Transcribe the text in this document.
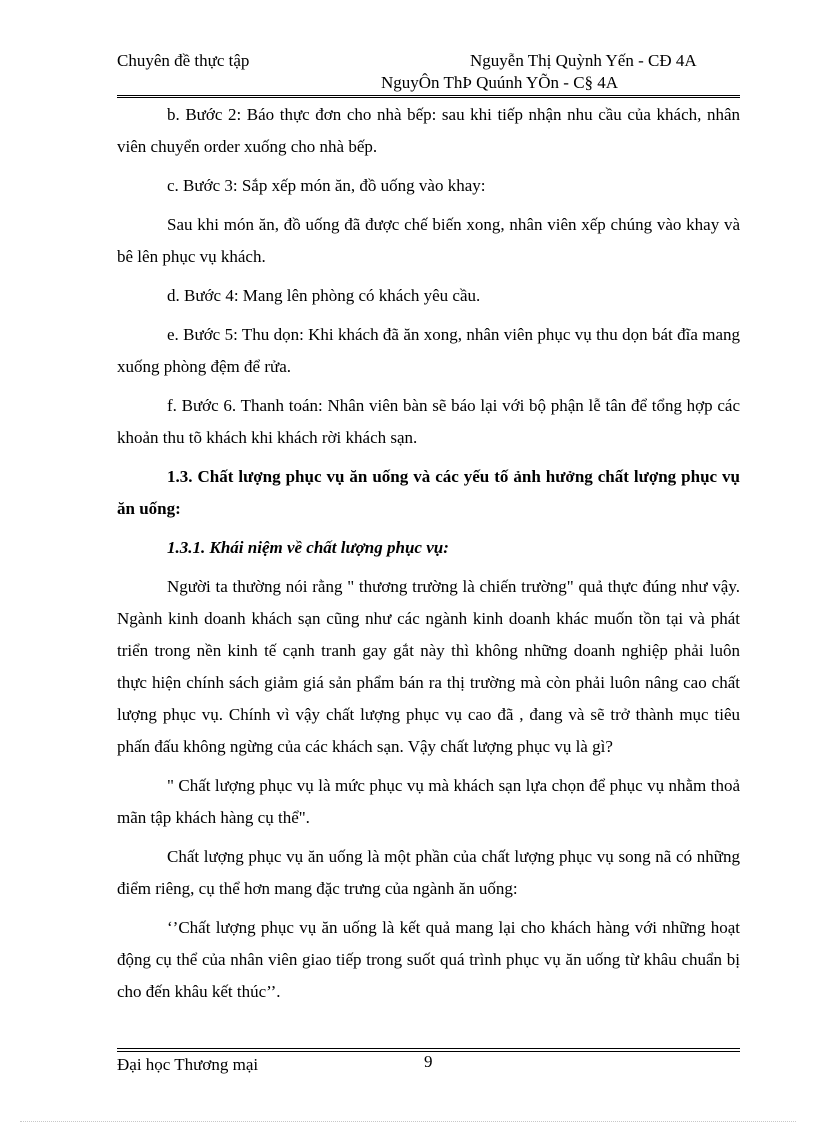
Chuyên đề thực tập	Nguyễn Thị Quỳnh Yến - CĐ 4A
NguyÔn ThÞ Quúnh YÕn - C§ 4A

b. Bước 2: Báo thực đơn cho nhà bếp: sau khi tiếp nhận nhu cầu của khách, nhân viên chuyển order xuống cho nhà bếp.

c. Bước 3: Sắp xếp món ăn, đồ uống vào khay:

Sau khi món ăn, đồ uống đã được chế biến xong, nhân viên xếp chúng vào khay và bê lên phục vụ khách.

d. Bước 4: Mang lên phòng có khách yêu cầu.

e. Bước 5: Thu dọn: Khi khách đã ăn xong, nhân viên phục vụ thu dọn bát đĩa mang xuống phòng đệm để rửa.

f. Bước 6. Thanh toán: Nhân viên bàn sẽ báo lại với bộ phận lễ tân để tổng hợp các khoản thu tõ khách khi khách rời khách sạn.

1.3. Chất lượng phục vụ ăn uống và các yếu tố ảnh hưởng chất lượng phục vụ ăn uống:

1.3.1. Khái niệm về chất lượng phục vụ:

Người ta thường nói rằng " thương trường là chiến trường" quả thực đúng như vậy. Ngành kinh doanh khách sạn cũng như các ngành kinh doanh khác muốn tồn tại và phát triển trong nền kinh tế cạnh tranh gay gắt này thì không những doanh nghiệp phải luôn thực hiện chính sách giảm giá sản phẩm bán ra thị trường mà còn phải luôn nâng cao chất lượng phục vụ. Chính vì vậy chất lượng phục vụ cao đã , đang và sẽ trở thành mục tiêu phấn đấu không ngừng của các khách sạn. Vậy chất lượng phục vụ là gì?

" Chất lượng phục vụ là mức phục vụ mà khách sạn lựa chọn để phục vụ nhằm thoả mãn tập khách hàng cụ thể".

Chất lượng phục vụ ăn uống là một phần của chất lượng phục vụ song nã có những điểm riêng, cụ thể hơn mang đặc trưng của ngành ăn uống:

‘’Chất lượng phục vụ ăn uống là kết quả mang lại cho khách hàng với những hoạt động cụ thể của nhân viên giao tiếp trong suốt quá trình phục vụ ăn uống từ khâu chuẩn bị cho đến khâu kết thúc’’.

Đại học Thương mại	9
